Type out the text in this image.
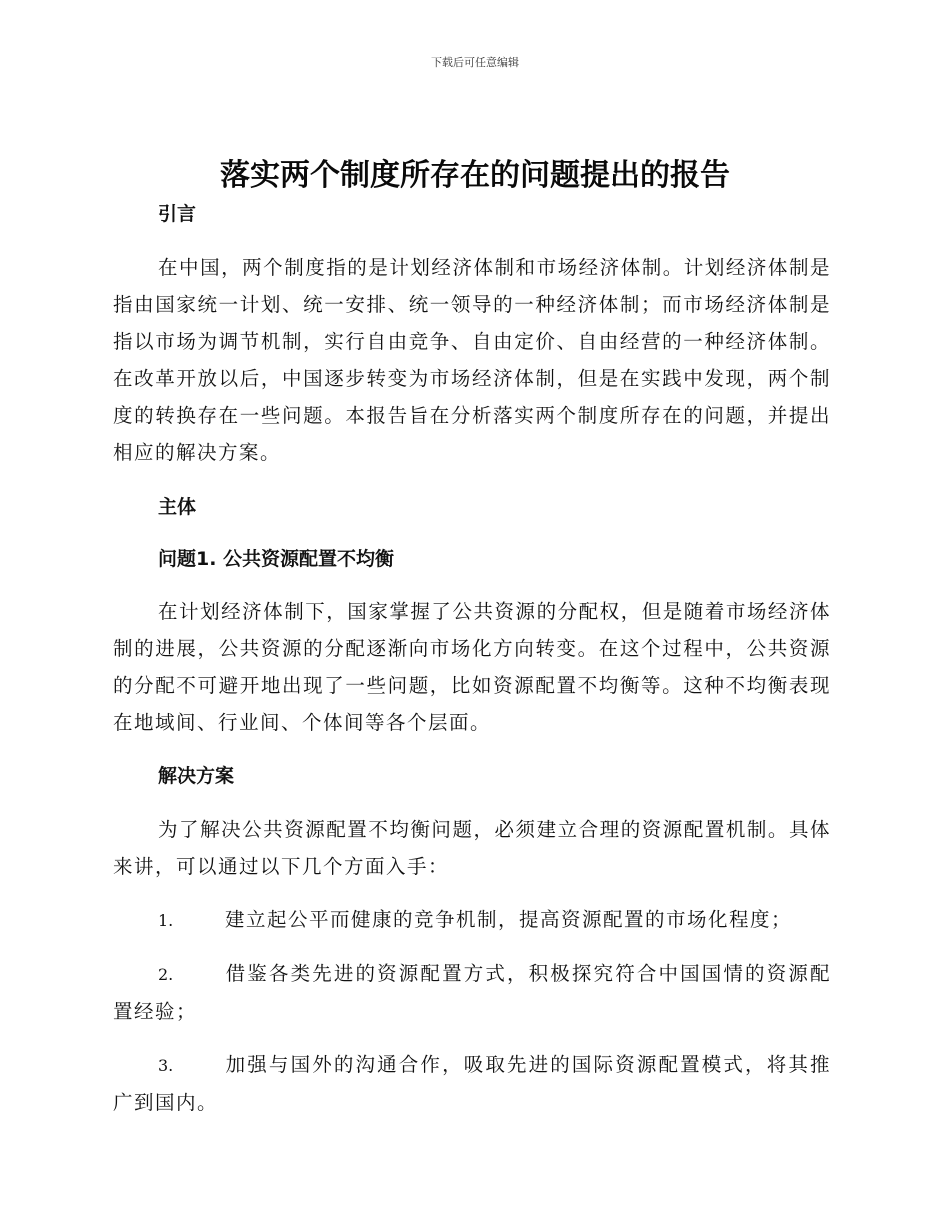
下载后可任意编辑
落实两个制度所存在的问题提出的报告

引言

在中国，两个制度指的是计划经济体制和市场经济体制。计划经济体制是指由国家统一计划、统一安排、统一领导的一种经济体制；而市场经济体制是指以市场为调节机制，实行自由竞争、自由定价、自由经营的一种经济体制。在改革开放以后，中国逐步转变为市场经济体制，但是在实践中发现，两个制度的转换存在一些问题。本报告旨在分析落实两个制度所存在的问题，并提出相应的解决方案。

主体

问题1. 公共资源配置不均衡

在计划经济体制下，国家掌握了公共资源的分配权，但是随着市场经济体制的进展，公共资源的分配逐渐向市场化方向转变。在这个过程中，公共资源的分配不可避开地出现了一些问题，比如资源配置不均衡等。这种不均衡表现在地域间、行业间、个体间等各个层面。

解决方案

为了解决公共资源配置不均衡问题，必须建立合理的资源配置机制。具体来讲，可以通过以下几个方面入手：

1.	建立起公平而健康的竞争机制，提高资源配置的市场化程度；

2.	借鉴各类先进的资源配置方式，积极探究符合中国国情的资源配置经验；

3.	加强与国外的沟通合作，吸取先进的国际资源配置模式，将其推广到国内。
